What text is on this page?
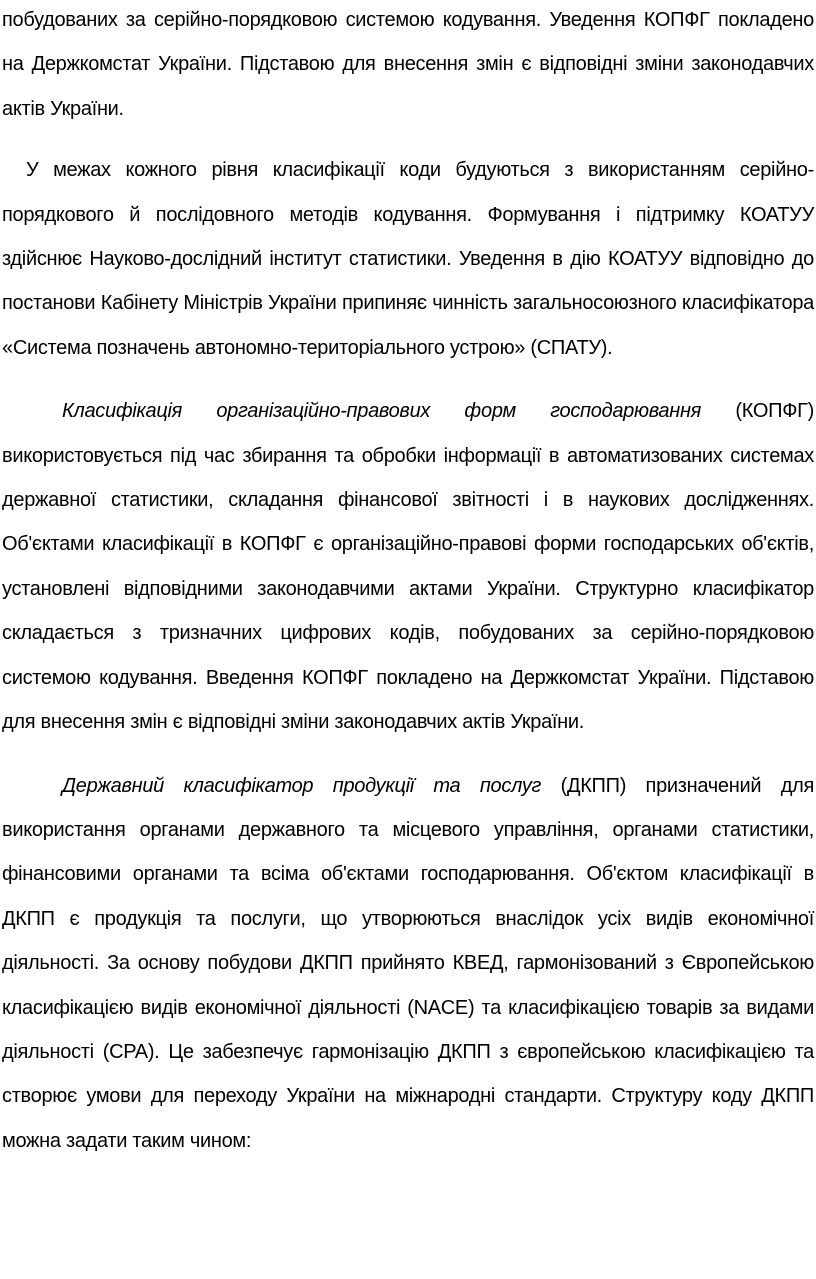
побудованих за серійно-порядковою системою кодування. Уведення КОПФГ покладено на Держкомстат України. Підставою для внесення змін є відповідні зміни законодавчих актів України.

У межах кожного рівня класифікації коди будуються з використанням серійно-порядкового й послідовного методів кодування. Формування і підтримку КОАТУУ здійснює Науково-дослідний інститут статистики. Уведення в дію КОАТУУ відповідно до постанови Кабінету Міністрів України припиняє чинність загальносоюзного класифікатора «Система позначень автономно-територіального устрою» (СПАТУ).

Класифікація організаційно-правових форм господарювання (КОПФГ) використовується під час збирання та обробки інформації в автоматизованих системах державної статистики, складання фінансової звітності і в наукових дослідженнях. Об'єктами класифікації в КОПФГ є організаційно-правові форми господарських об'єктів, установлені відповідними законодавчими актами України. Структурно класифікатор складається з тризначних цифрових кодів, побудованих за серійно-порядковою системою кодування. Введення КОПФГ покладено на Держкомстат України. Підставою для внесення змін є відповідні зміни законодавчих актів України.

Державний класифікатор продукції та послуг (ДКПП) призначений для використання органами державного та місцевого управління, органами статистики, фінансовими органами та всіма об'єктами господарювання. Об'єктом класифікації в ДКПП є продукція та послуги, що утворюються внаслідок усіх видів економічної діяльності. За основу побудови ДКПП прийнято КВЕД, гармонізований з Європейською класифікацією видів економічної діяльності (NACE) та класифікацією товарів за видами діяльності (CPA). Це забезпечує гармонізацію ДКПП з європейською класифікацією та створює умови для переходу України на міжнародні стандарти. Структуру коду ДКПП можна задати таким чином:
